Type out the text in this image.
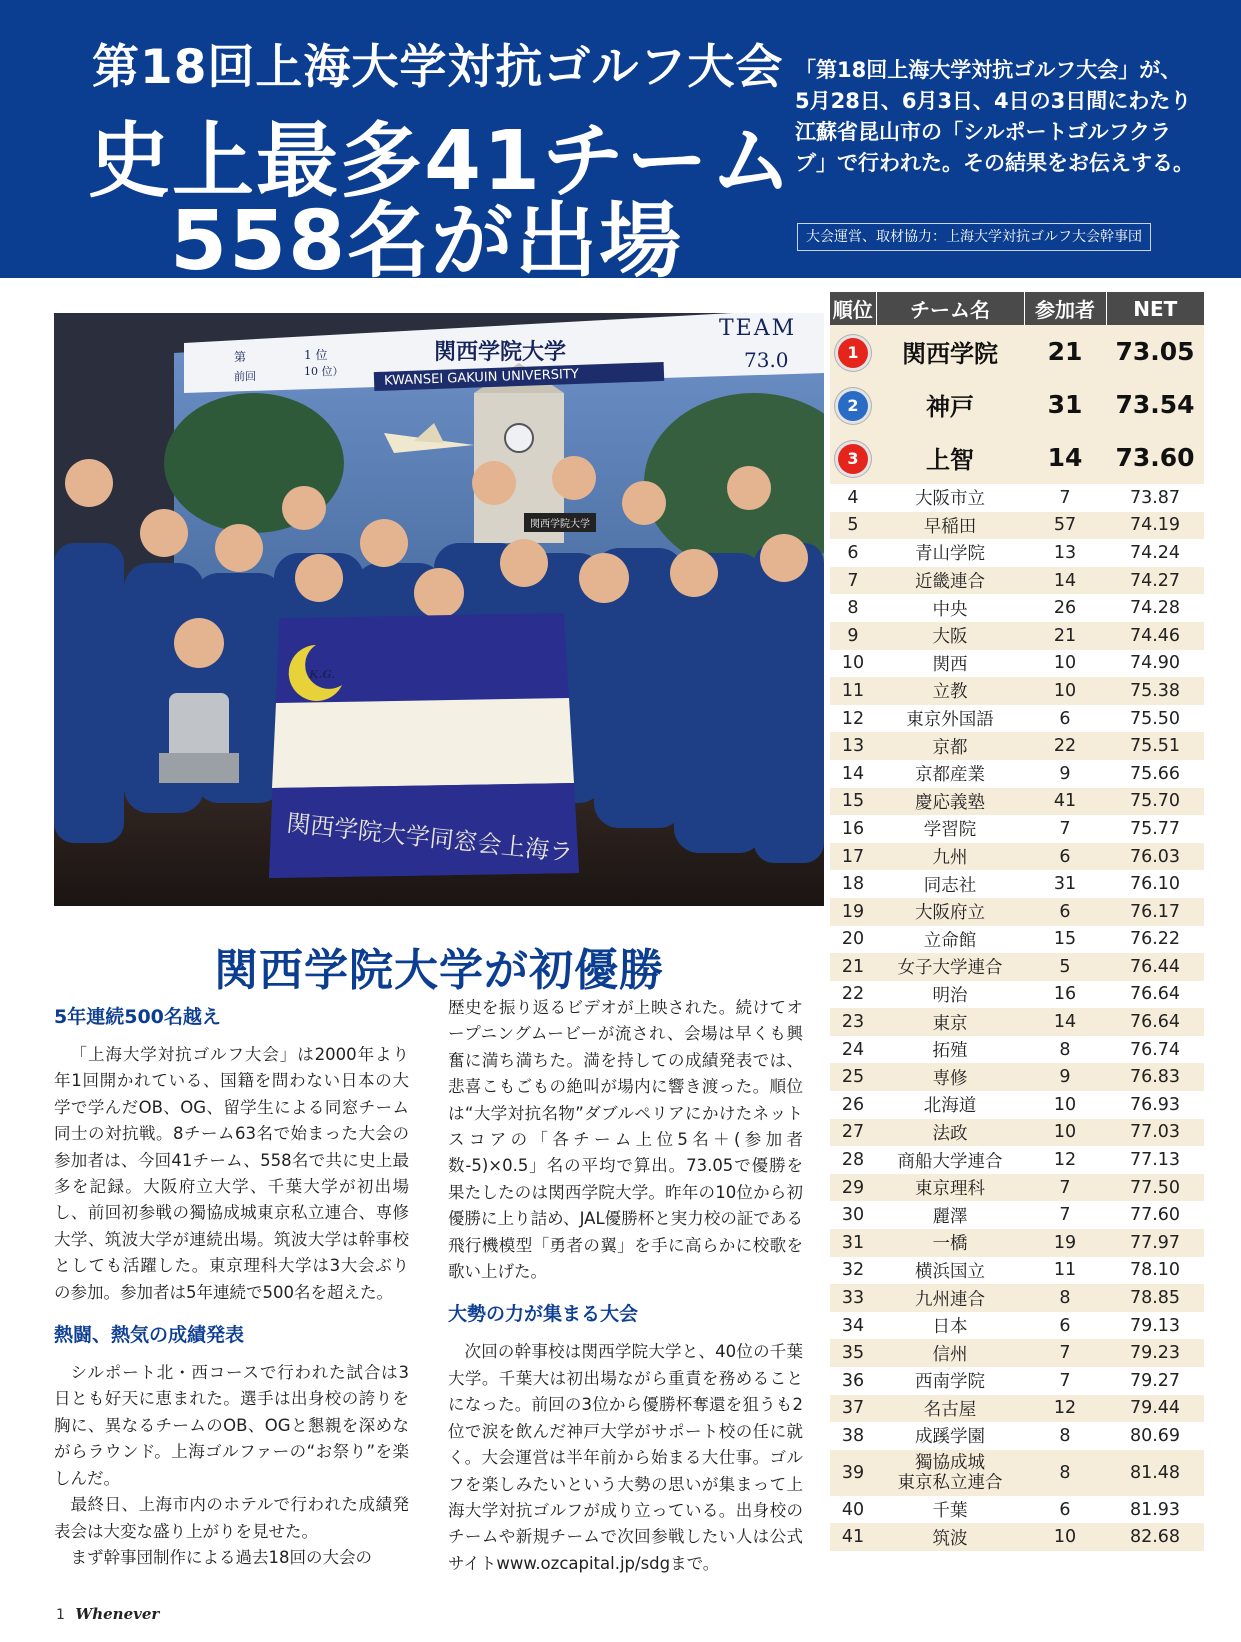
第18回上海大学対抗ゴルフ大会
史上最多41チーム
558名が出場
「第18回上海大学対抗ゴルフ大会」が、5月28日、6月3日、4日の3日間にわたり江蘇省昆山市の「シルポートゴルフクラブ」で行われた。その結果をお伝えする。
大会運営、取材協力：上海大学対抗ゴルフ大会幹事団
第	1 位
前回	10 位）
TEAM
73.0
関西学院大学
KWANSEI GAKUIN UNIVERSITY
関西学院大学
K.G.
関西学院大学同窓会上海ラ
関西学院大学が初優勝
5年連続500名越え

「上海大学対抗ゴルフ大会」は2000年より年1回開かれている、国籍を問わない日本の大学で学んだOB、OG、留学生による同窓チーム同士の対抗戦。8チーム63名で始まった大会の参加者は、今回41チーム、558名で共に史上最多を記録。大阪府立大学、千葉大学が初出場し、前回初参戦の獨協成城東京私立連合、専修大学、筑波大学が連続出場。筑波大学は幹事校としても活躍した。東京理科大学は3大会ぶりの参加。参加者は5年連続で500名を超えた。

熱闘、熱気の成績発表

シルポート北・西コースで行われた試合は3日とも好天に恵まれた。選手は出身校の誇りを胸に、異なるチームのOB、OGと懇親を深めながらラウンド。上海ゴルファーの“お祭り”を楽しんだ。

最終日、上海市内のホテルで行われた成績発表会は大変な盛り上がりを見せた。

まず幹事団制作による過去18回の大会の

歴史を振り返るビデオが上映された。続けてオープニングムービーが流され、会場は早くも興奮に満ち満ちた。満を持しての成績発表では、悲喜こもごもの絶叫が場内に響き渡った。順位は“大学対抗名物”ダブルペリアにかけたネットスコアの「各チーム上位5名＋(参加者数-5)×0.5」名の平均で算出。73.05で優勝を果たしたのは関西学院大学。昨年の10位から初優勝に上り詰め、JAL優勝杯と実力校の証である飛行機模型「勇者の翼」を手に高らかに校歌を歌い上げた。

大勢の力が集まる大会

次回の幹事校は関西学院大学と、40位の千葉大学。千葉大は初出場ながら重責を務めることになった。前回の3位から優勝杯奪還を狙うも2位で涙を飲んだ神戸大学がサポート校の任に就く。大会運営は半年前から始まる大仕事。ゴルフを楽しみたいという大勢の思いが集まって上海大学対抗ゴルフが成り立っている。出身校のチームや新規チームで次回参戦したい人は公式サイトwww.ozcapital.jp/sdgまで。

順位	チーム名	参加者	NET
1	関西学院	21	73.05
2	神戸	31	73.54
3	上智	14	73.60
4	大阪市立	7	73.87
5	早稲田	57	74.19
6	青山学院	13	74.24
7	近畿連合	14	74.27
8	中央	26	74.28
9	大阪	21	74.46
10	関西	10	74.90
11	立教	10	75.38
12	東京外国語	6	75.50
13	京都	22	75.51
14	京都産業	9	75.66
15	慶応義塾	41	75.70
16	学習院	7	75.77
17	九州	6	76.03
18	同志社	31	76.10
19	大阪府立	6	76.17
20	立命館	15	76.22
21	女子大学連合	5	76.44
22	明治	16	76.64
23	東京	14	76.64
24	拓殖	8	76.74
25	専修	9	76.83
26	北海道	10	76.93
27	法政	10	77.03
28	商船大学連合	12	77.13
29	東京理科	7	77.50
30	麗澤	7	77.60
31	一橋	19	77.97
32	横浜国立	11	78.10
33	九州連合	8	78.85
34	日本	6	79.13
35	信州	7	79.23
36	西南学院	7	79.27
37	名古屋	12	79.44
38	成蹊学園	8	80.69
39	獨協成城
東京私立連合	8	81.48
40	千葉	6	81.93
41	筑波	10	82.68
1 Whenever
